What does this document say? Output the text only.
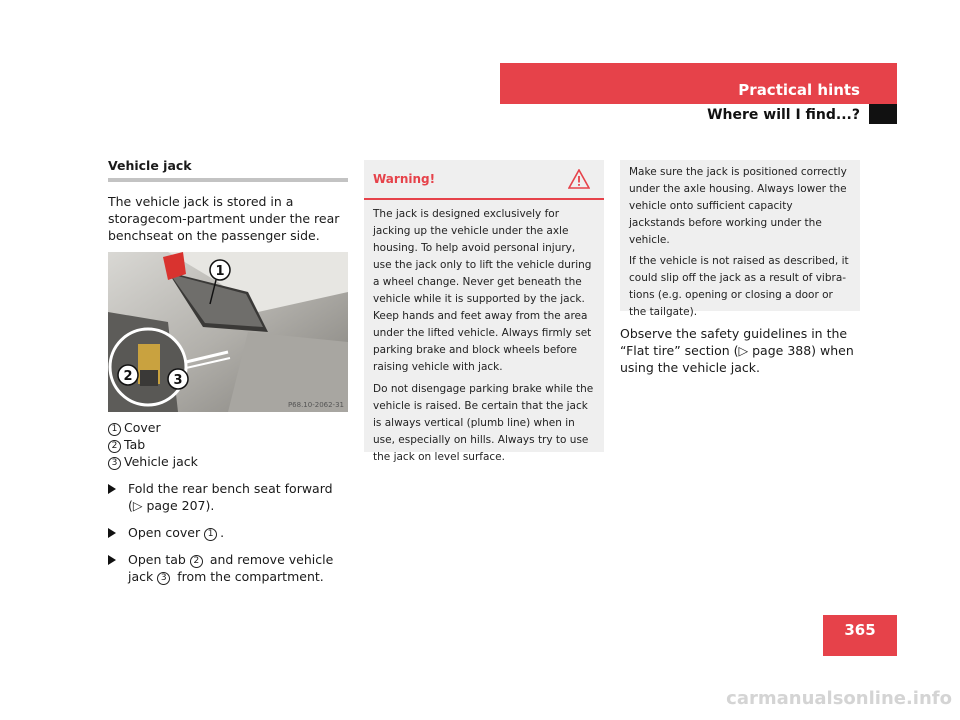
Practical hints
Where will I find...?
Vehicle jack
The vehicle jack is stored in a storagecom-partment under the rear benchseat on the passenger side.
1
2	3
P68.10-2062-31
1 Cover
2 Tab
3 Vehicle jack
Fold the rear bench seat forward
(▷ page 207).
Open cover 1 .
Open tab 2 and remove vehicle
jack 3 from the compartment.
Warning!

The jack is designed exclusively for jacking up the vehicle under the axle housing. To help avoid personal injury, use the jack only to lift the vehicle during a wheel change. Never get beneath the vehicle while it is supported by the jack. Keep hands and feet away from the area under the lifted vehicle. Always firmly set parking brake and block wheels before raising vehicle with jack.

Do not disengage parking brake while the vehicle is raised. Be certain that the jack is always vertical (plumb line) when in use, especially on hills. Always try to use the jack on level surface.

Make sure the jack is positioned correctly under the axle housing. Always lower the vehicle onto sufficient capacity jackstands before working under the vehicle.

If the vehicle is not raised as described, it could slip off the jack as a result of vibra-tions (e.g. opening or closing a door or the tailgate).

Observe the safety guidelines in the “Flat tire” section (▷ page 388) when using the vehicle jack.
365
carmanualsonline.info
